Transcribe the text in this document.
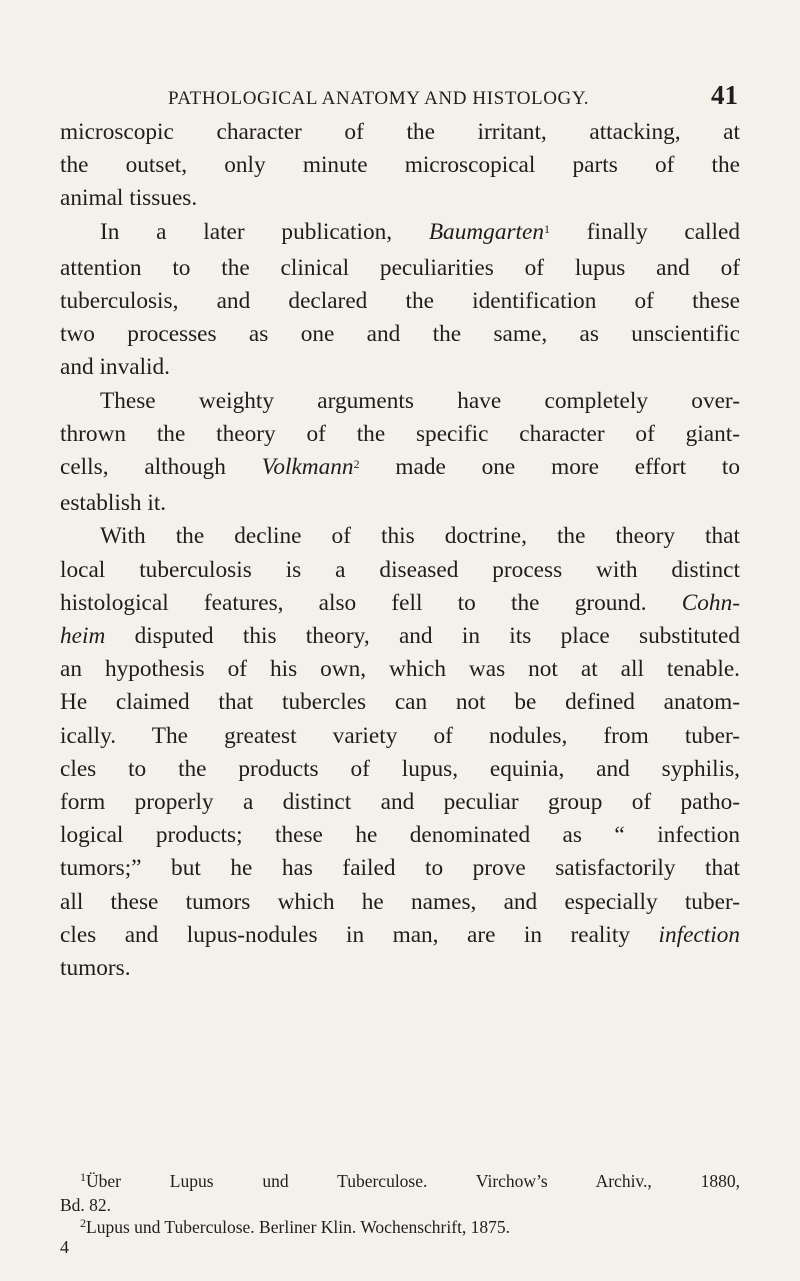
PATHOLOGICAL ANATOMY AND HISTOLOGY.	41
microscopic character of the irritant, attacking, at
the outset, only minute microscopical parts of the
animal tissues.
In a later publication, Baumgarten$^1$ finally called
attention to the clinical peculiarities of lupus and of
tuberculosis, and declared the identification of these
two processes as one and the same, as unscientific
and invalid.
These weighty arguments have completely over-
thrown the theory of the specific character of giant-
cells, although Volkmann$^2$ made one more effort to
establish it.
With the decline of this doctrine, the theory that
local tuberculosis is a diseased process with distinct
histological features, also fell to the ground. Cohn-
heim disputed this theory, and in its place substituted
an hypothesis of his own, which was not at all tenable.
He claimed that tubercles can not be defined anatom-
ically. The greatest variety of nodules, from tuber-
cles to the products of lupus, equinia, and syphilis,
form properly a distinct and peculiar group of patho-
logical products; these he denominated as “ infection
tumors;” but he has failed to prove satisfactorily that
all these tumors which he names, and especially tuber-
cles and lupus-nodules in man, are in reality infection
tumors.
$^1$Über Lupus und Tuberculose. Virchow’s Archiv., 1880,
Bd. 82.
$^2$Lupus und Tuberculose. Berliner Klin. Wochenschrift, 1875.
4
